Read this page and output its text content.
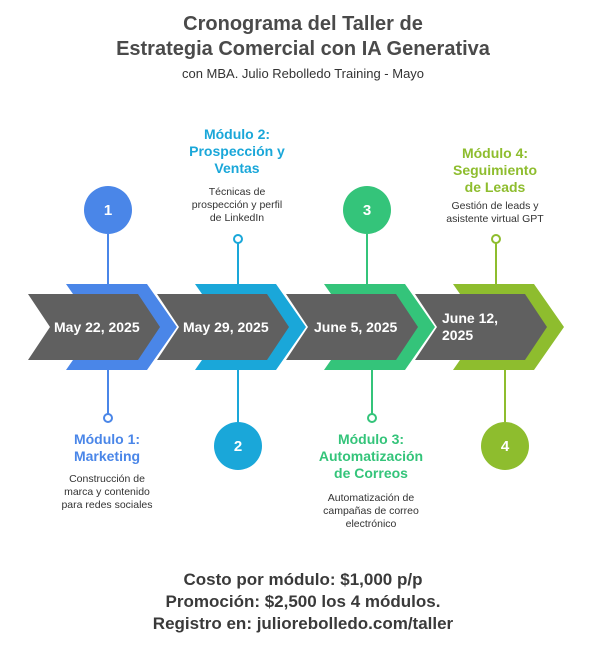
Cronograma del Taller de
Estrategia Comercial con IA Generativa
con MBA. Julio Rebolledo Training - Mayo
May 22, 2025	May 29, 2025	June 5, 2025
June 12,
2025
1
Módulo 1:
Marketing
Construcción de
marca y contenido
para redes sociales
Módulo 2:
Prospección y
Ventas
Técnicas de
prospección y perfil
de LinkedIn
2
3
Módulo 3:
Automatización
de Correos
Automatización de
campañas de correo
electrónico
Módulo 4:
Seguimiento
de Leads
Gestión de leads y
asistente virtual GPT
4
Costo por módulo: $1,000 p/p
Promoción: $2,500 los 4 módulos.
Registro en: juliorebolledo.com/taller
